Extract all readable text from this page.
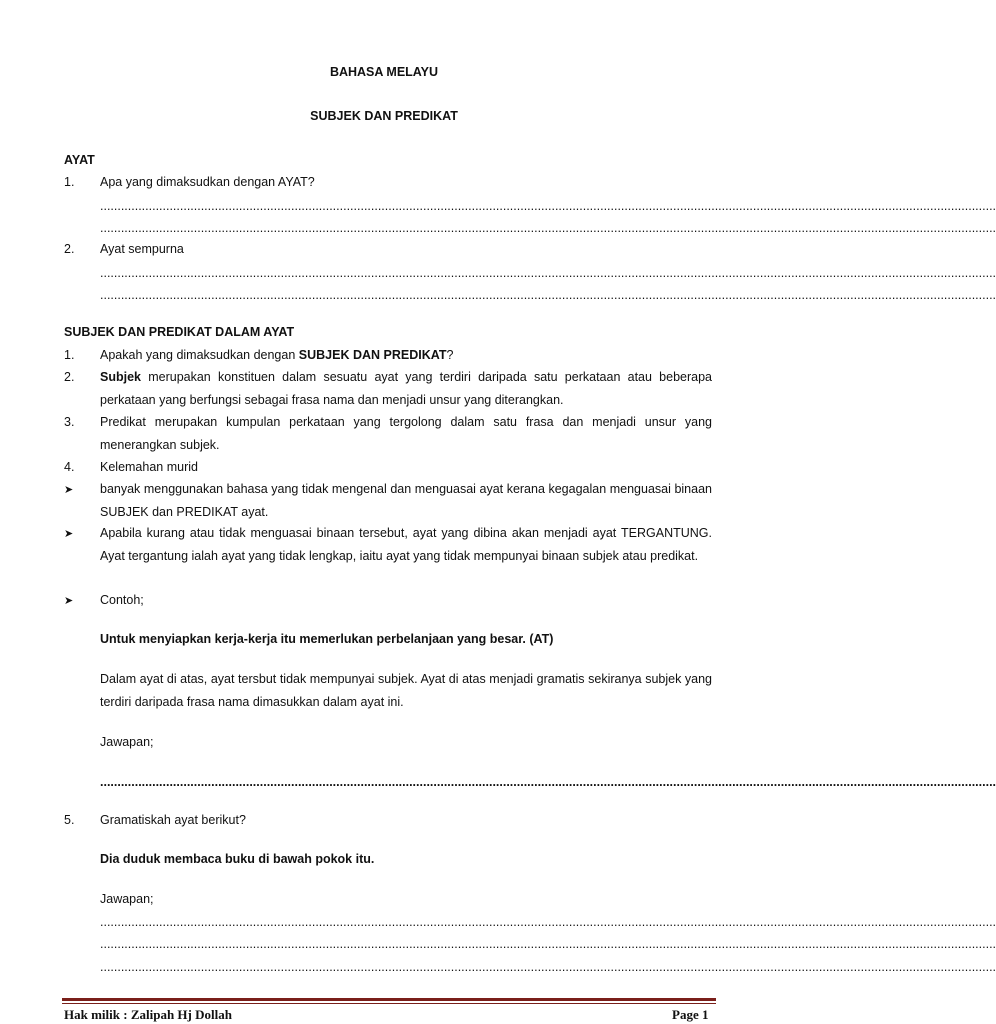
BAHASA MELAYU

SUBJEK DAN PREDIKAT

AYAT

1. Apa yang dimaksudkan dengan AYAT?

..................................................................................................................................................................................................................................................................

..................................................................................................................................................................................................................................................................

2. Ayat sempurna

..................................................................................................................................................................................................................................................................

..................................................................................................................................................................................................................................................................

SUBJEK DAN PREDIKAT DALAM AYAT

1. Apakah yang dimaksudkan dengan SUBJEK DAN PREDIKAT?

2. Subjek merupakan konstituen dalam sesuatu ayat yang terdiri daripada satu perkataan atau beberapa perkataan yang berfungsi sebagai frasa nama dan menjadi unsur yang diterangkan.

3. Predikat merupakan kumpulan perkataan yang tergolong dalam satu frasa dan menjadi unsur yang menerangkan subjek.

4. Kelemahan murid

➤ banyak menggunakan bahasa yang tidak mengenal dan menguasai ayat kerana kegagalan menguasai binaan SUBJEK dan PREDIKAT ayat.

➤ Apabila kurang atau tidak menguasai binaan tersebut, ayat yang dibina akan menjadi ayat TERGANTUNG. Ayat tergantung ialah ayat yang tidak lengkap, iaitu ayat yang tidak mempunyai binaan subjek atau predikat.

➤ Contoh;

Untuk menyiapkan kerja-kerja itu memerlukan perbelanjaan yang besar. (AT)

Dalam ayat di atas, ayat tersbut tidak mempunyai subjek. Ayat di atas menjadi gramatis sekiranya subjek yang terdiri daripada frasa nama dimasukkan dalam ayat ini.

Jawapan;

..................................................................................................................................................................................................................................................................

5. Gramatiskah ayat berikut?

Dia duduk membaca buku di bawah pokok itu.

Jawapan;

..................................................................................................................................................................................................................................................................

..................................................................................................................................................................................................................................................................

..................................................................................................................................................................................................................................................................

Hak milik : Zalipah Hj Dollah	Page 1
